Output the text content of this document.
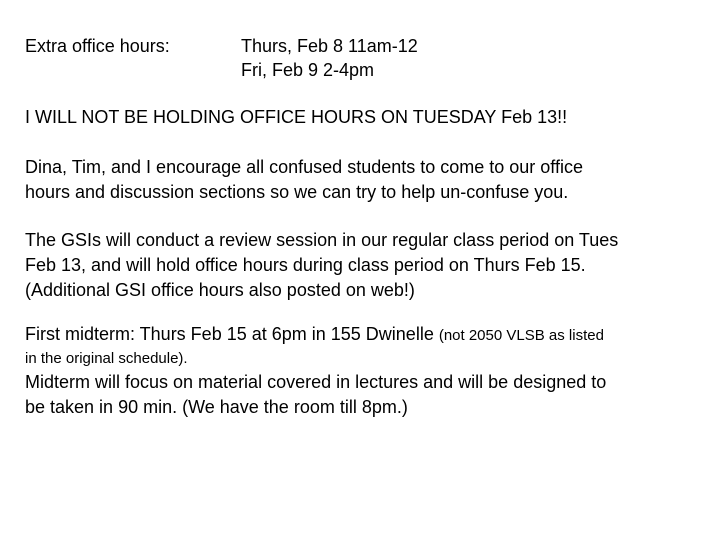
Extra office hours:	Thurs, Feb 8 11am-12
Fri, Feb 9 2-4pm
I WILL NOT BE HOLDING OFFICE HOURS ON TUESDAY Feb 13!!
Dina, Tim, and I encourage all confused students to come to our office
hours and discussion sections so we can try to help un-confuse you.
The GSIs will conduct a review session in our regular class period on Tues
Feb 13, and will hold office hours during class period on Thurs Feb 15.
(Additional GSI office hours also posted on web!)
First midterm: Thurs Feb 15 at 6pm in 155 Dwinelle (not 2050 VLSB as listed
in the original schedule).
Midterm will focus on material covered in lectures and will be designed to
be taken in 90 min. (We have the room till 8pm.)
